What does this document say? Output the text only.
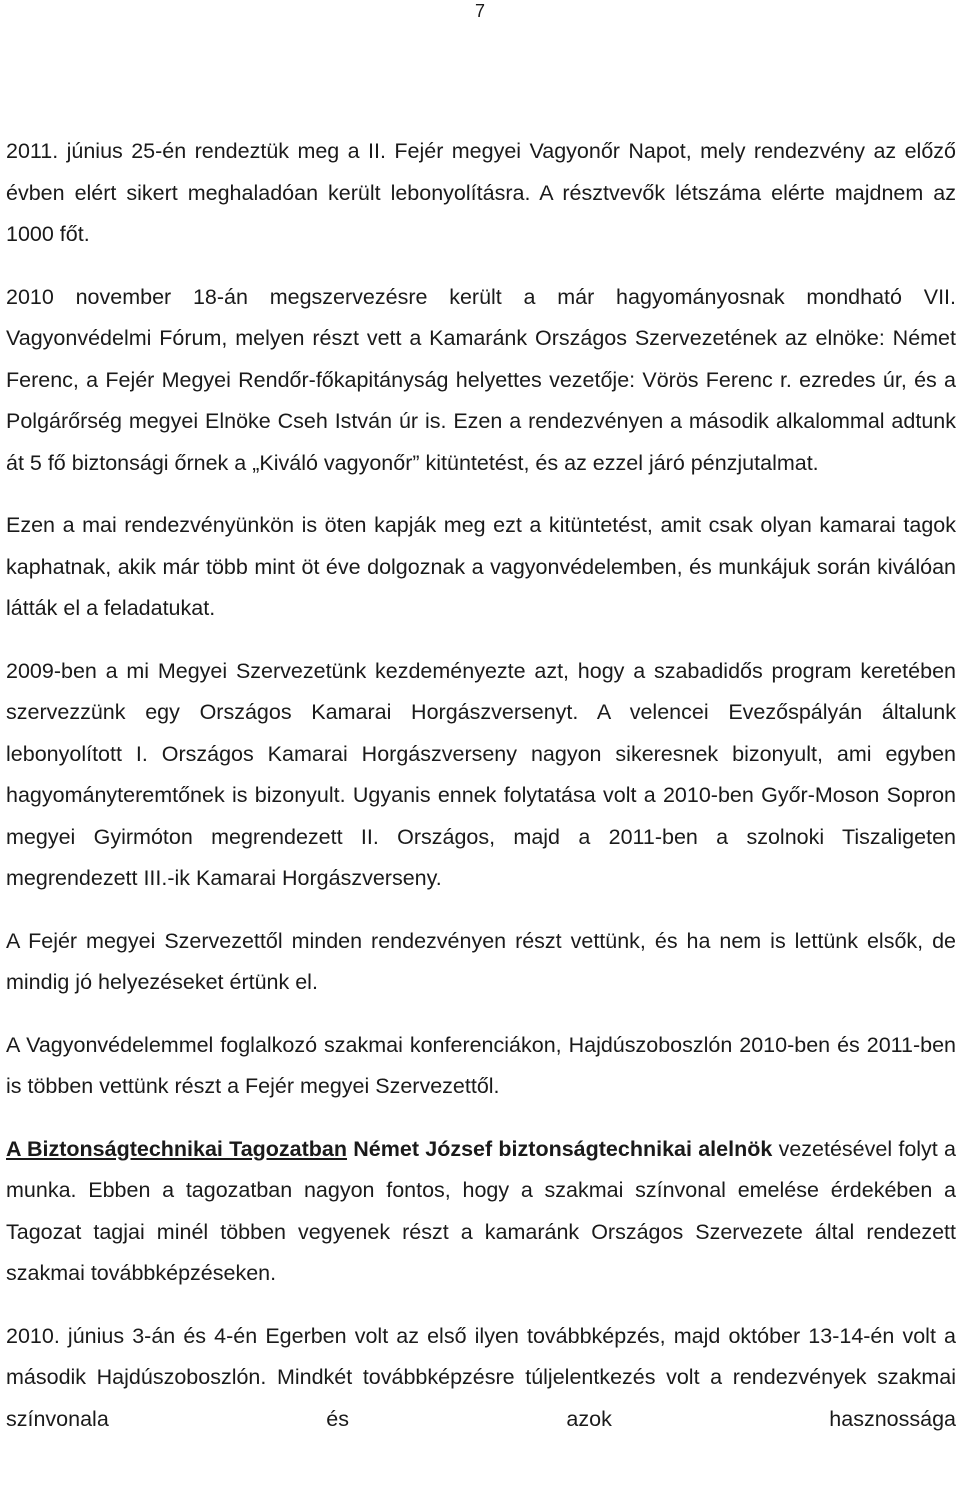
7

2011. június 25-én rendeztük meg a II. Fejér megyei Vagyonőr Napot, mely rendezvény az előző évben elért sikert meghaladóan került lebonyolításra. A résztvevők létszáma elérte majdnem az 1000 főt.

2010 november 18-án megszervezésre került a már hagyományosnak mondható VII. Vagyonvédelmi Fórum, melyen részt vett a Kamaránk Országos Szervezetének az elnöke: Német Ferenc, a Fejér Megyei Rendőr-főkapitányság helyettes vezetője: Vörös Ferenc r. ezredes úr, és a Polgárőrség megyei Elnöke Cseh István úr is. Ezen a rendezvényen a második alkalommal adtunk át 5 fő biztonsági őrnek a „Kiváló vagyonőr” kitüntetést, és az ezzel járó pénzjutalmat.

Ezen a mai rendezvényünkön is öten kapják meg ezt a kitüntetést, amit csak olyan kamarai tagok kaphatnak, akik már több mint öt éve dolgoznak a vagyonvédelemben, és munkájuk során kiválóan látták el a feladatukat.

2009-ben a mi Megyei Szervezetünk kezdeményezte azt, hogy a szabadidős program keretében szervezzünk egy Országos Kamarai Horgászversenyt. A velencei Evezőspályán általunk lebonyolított I. Országos Kamarai Horgászverseny nagyon sikeresnek bizonyult, ami egyben hagyományteremtőnek is bizonyult. Ugyanis ennek folytatása volt a 2010-ben Győr-Moson Sopron megyei Gyirmóton megrendezett II. Országos, majd a 2011-ben a szolnoki Tiszaligeten megrendezett III.-ik Kamarai Horgászverseny.

A Fejér megyei Szervezettől minden rendezvényen részt vettünk, és ha nem is lettünk elsők, de mindig jó helyezéseket értünk el.

A Vagyonvédelemmel foglalkozó szakmai konferenciákon, Hajdúszoboszlón 2010-ben és 2011-ben is többen vettünk részt a Fejér megyei Szervezettől.

A Biztonságtechnikai Tagozatban Német József biztonságtechnikai alelnök vezetésével folyt a munka. Ebben a tagozatban nagyon fontos, hogy a szakmai színvonal emelése érdekében a Tagozat tagjai minél többen vegyenek részt a kamaránk Országos Szervezete által rendezett szakmai továbbképzéseken.

2010. június 3-án és 4-én Egerben volt az első ilyen továbbképzés, majd október 13-14-én volt a második Hajdúszoboszlón. Mindkét továbbképzésre túljelentkezés volt a rendezvények szakmai színvonala és azok hasznossága
